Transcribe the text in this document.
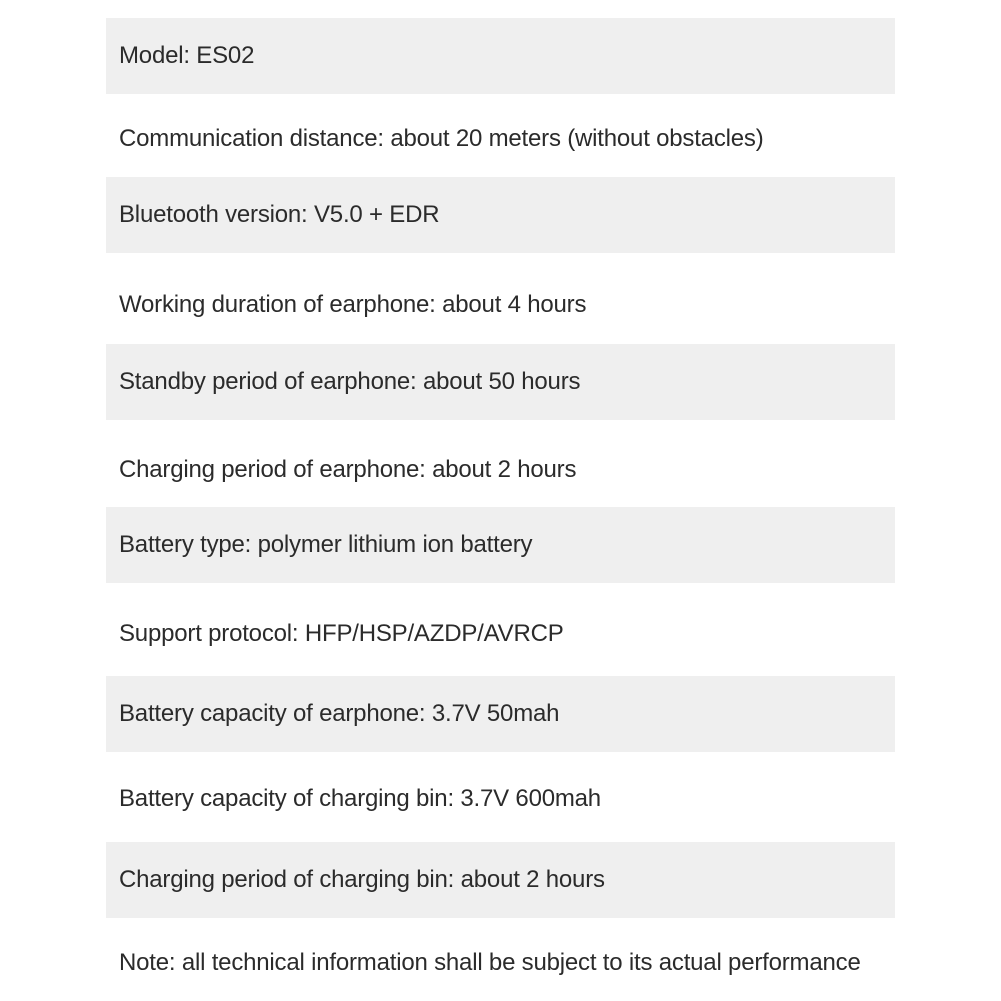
Model: ES02
Communication distance: about 20 meters (without obstacles)
Bluetooth version: V5.0 + EDR
Working duration of earphone: about 4 hours
Standby period of earphone: about 50 hours
Charging period of earphone: about 2 hours
Battery type: polymer lithium ion battery
Support protocol: HFP/HSP/AZDP/AVRCP
Battery capacity of earphone: 3.7V 50mah
Battery capacity of charging bin: 3.7V 600mah
Charging period of charging bin: about 2 hours
Note: all technical information shall be subject to its actual performance
